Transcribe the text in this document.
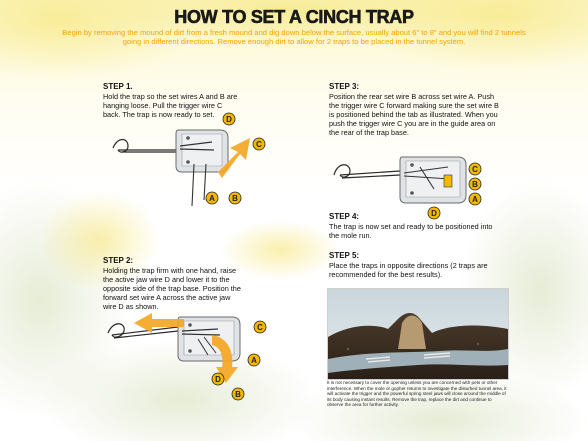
HOW TO SET A CINCH TRAP
Begin by removing the mound of dirt from a fresh mound and dig down below the surface, usually about 6" to 8" and you will find 2 tunnels going in different directions. Remove enough dirt to allow for 2 traps to be placed in the tunnel system.
STEP 1.
Hold the trap so the set wires A and B are hanging loose. Pull the trigger wire C back. The trap is now ready to set.
STEP 2:
Holding the trap firm with one hand, raise the active jaw wire D and lower it to the opposite side of the trap base. Position the forward set wire A across the active jaw wire D as shown.
STEP 3:
Position the rear set wire B across set wire A. Push the trigger wire C forward making sure the set wire B is positioned behind the tab as illustrated. When you push the trigger wire C you are in the guide area on the rear of the trap base.
STEP 4:
The trap is now set and ready to be positioned into the mole run.
STEP 5:
Place the traps in opposite directions (2 traps are recommended for the best results).
A B
C
D
C
A
D
B
C
B
A
D
It is not necessary to cover the opening unless you are concerned with pets or other interference. When the mole or gopher returns to investigate the disturbed tunnel area, it will activate the trigger and the powerful spring steel jaws will close around the middle of its body causing instant results. Remove the trap, replace the dirt and continue to observe the area for further activity.
